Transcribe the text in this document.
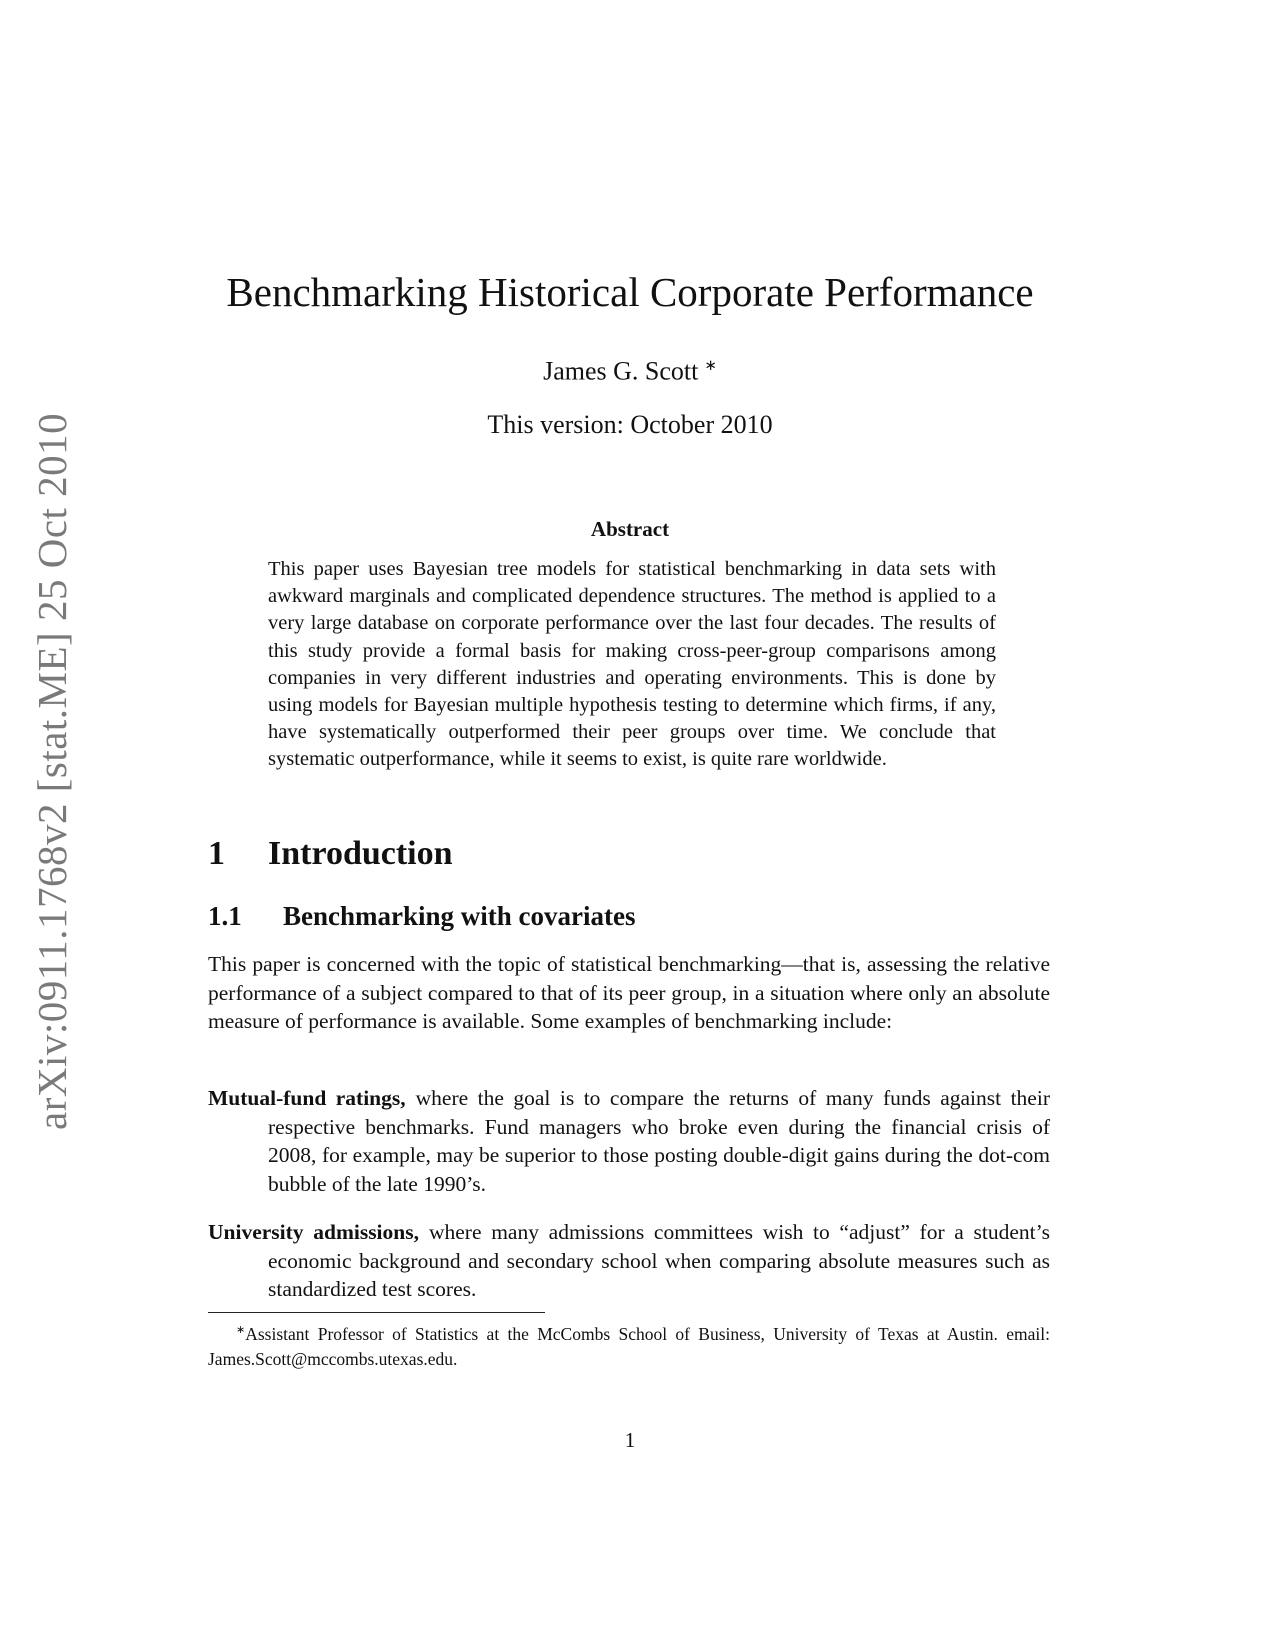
arXiv:0911.1768v2 [stat.ME] 25 Oct 2010
Benchmarking Historical Corporate Performance
James G. Scott ∗
This version: October 2010
Abstract

This paper uses Bayesian tree models for statistical benchmarking in data sets with awkward marginals and complicated dependence structures. The method is applied to a very large database on corporate performance over the last four decades. The results of this study provide a formal basis for making cross-peer-group comparisons among companies in very different industries and operating environments. This is done by using models for Bayesian multiple hypothesis testing to determine which firms, if any, have systematically outperformed their peer groups over time. We conclude that systematic outperformance, while it seems to exist, is quite rare worldwide.

1 Introduction
1.1 Benchmarking with covariates

This paper is concerned with the topic of statistical benchmarking—that is, assessing the relative performance of a subject compared to that of its peer group, in a situation where only an absolute measure of performance is available. Some examples of benchmarking include:

Mutual-fund ratings, where the goal is to compare the returns of many funds against their respective benchmarks. Fund managers who broke even during the financial crisis of 2008, for example, may be superior to those posting double-digit gains during the dot-com bubble of the late 1990’s.

University admissions, where many admissions committees wish to “adjust” for a student’s economic background and secondary school when comparing absolute measures such as standardized test scores.

∗Assistant Professor of Statistics at the McCombs School of Business, University of Texas at Austin. email: James.Scott@mccombs.utexas.edu.

1
